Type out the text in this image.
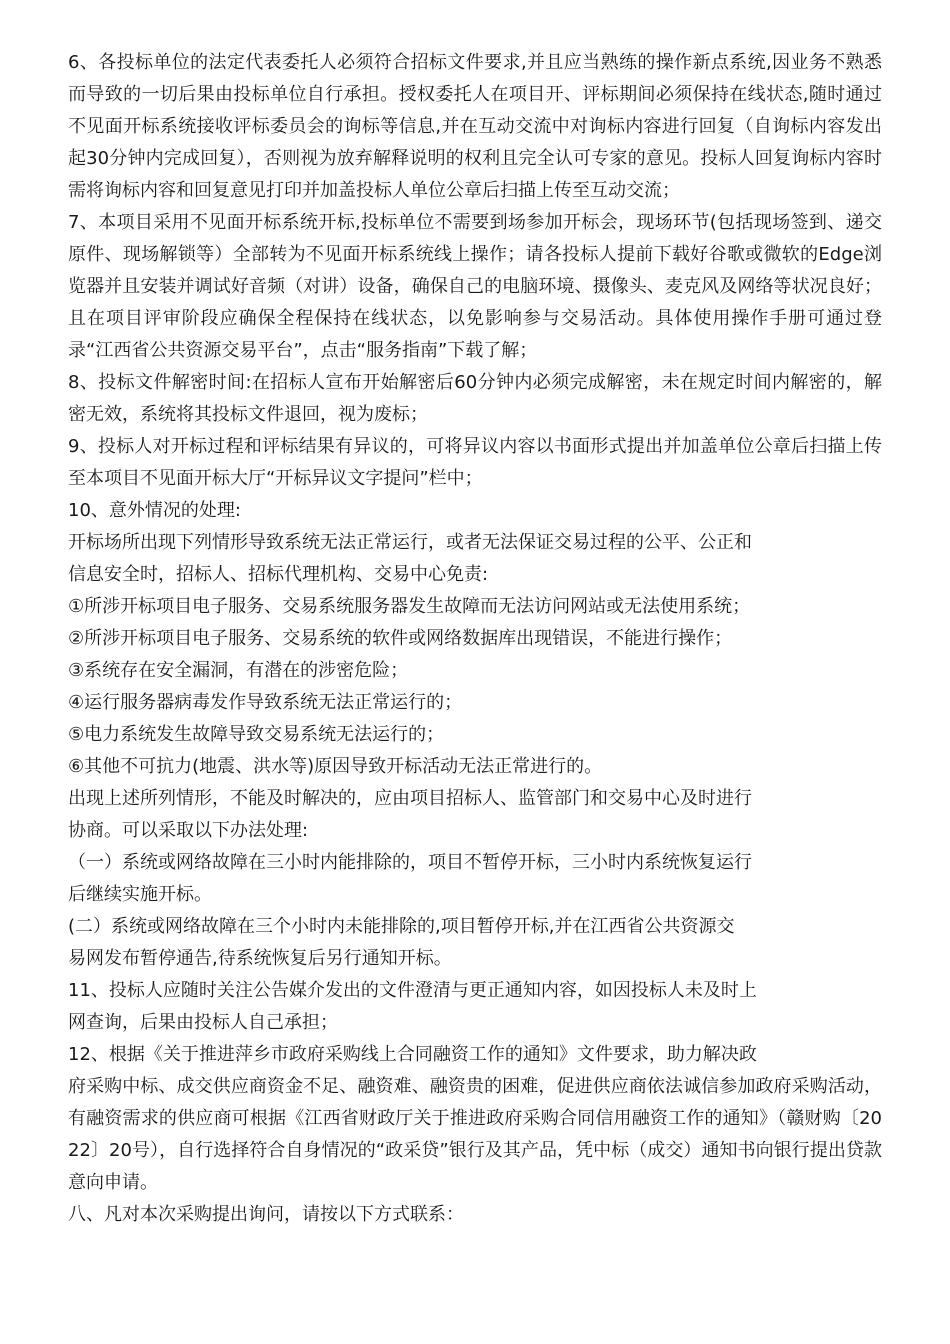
6、各投标单位的法定代表委托人必须符合招标文件要求,并且应当熟练的操作新点系统,因业务不熟悉而导致的一切后果由投标单位自行承担。授权委托人在项目开、评标期间必须保持在线状态,随时通过不见面开标系统接收评标委员会的询标等信息,并在互动交流中对询标内容进行回复（自询标内容发出起30分钟内完成回复），否则视为放弃解释说明的权利且完全认可专家的意见。投标人回复询标内容时需将询标内容和回复意见打印并加盖投标人单位公章后扫描上传至互动交流；

7、本项目采用不见面开标系统开标,投标单位不需要到场参加开标会，现场环节(包括现场签到、递交原件、现场解锁等）全部转为不见面开标系统线上操作；请各投标人提前下载好谷歌或微软的Edge浏览器并且安装并调试好音频（对讲）设备，确保自己的电脑环境、摄像头、麦克风及网络等状况良好；且在项目评审阶段应确保全程保持在线状态，以免影响参与交易活动。具体使用操作手册可通过登录“江西省公共资源交易平台”，点击“服务指南”下载了解；

8、投标文件解密时间:在招标人宣布开始解密后60分钟内必须完成解密，未在规定时间内解密的，解密无效，系统将其投标文件退回，视为废标；

9、投标人对开标过程和评标结果有异议的，可将异议内容以书面形式提出并加盖单位公章后扫描上传至本项目不见面开标大厅“开标异议文字提问”栏中；

10、意外情况的处理:

开标场所出现下列情形导致系统无法正常运行，或者无法保证交易过程的公平、公正和
信息安全时，招标人、招标代理机构、交易中心免责:

①所涉开标项目电子服务、交易系统服务器发生故障而无法访问网站或无法使用系统；

②所涉开标项目电子服务、交易系统的软件或网络数据库出现错误，不能进行操作；

③系统存在安全漏洞，有潜在的涉密危险；

④运行服务器病毒发作导致系统无法正常运行的；

⑤电力系统发生故障导致交易系统无法运行的；

⑥其他不可抗力(地震、洪水等)原因导致开标活动无法正常进行的。

出现上述所列情形，不能及时解决的，应由项目招标人、监管部门和交易中心及时进行
协商。可以采取以下办法处理:
（一）系统或网络故障在三小时内能排除的，项目不暂停开标，三小时内系统恢复运行
后继续实施开标。
(二）系统或网络故障在三个小时内未能排除的,项目暂停开标,并在江西省公共资源交
易网发布暂停通告,待系统恢复后另行通知开标。
11、投标人应随时关注公告媒介发出的文件澄清与更正通知内容，如因投标人未及时上
网查询，后果由投标人自己承担；
12、根据《关于推进萍乡市政府采购线上合同融资工作的通知》文件要求，助力解决政
府采购中标、成交供应商资金不足、融资难、融资贵的困难，促进供应商依法诚信参加政府采购活动，有融资需求的供应商可根据《江西省财政厅关于推进政府采购合同信用融资工作的通知》（赣财购〔2022〕20号），自行选择符合自身情况的“政采贷”银行及其产品，凭中标（成交）通知书向银行提出贷款意向申请。

八、凡对本次采购提出询问，请按以下方式联系：
